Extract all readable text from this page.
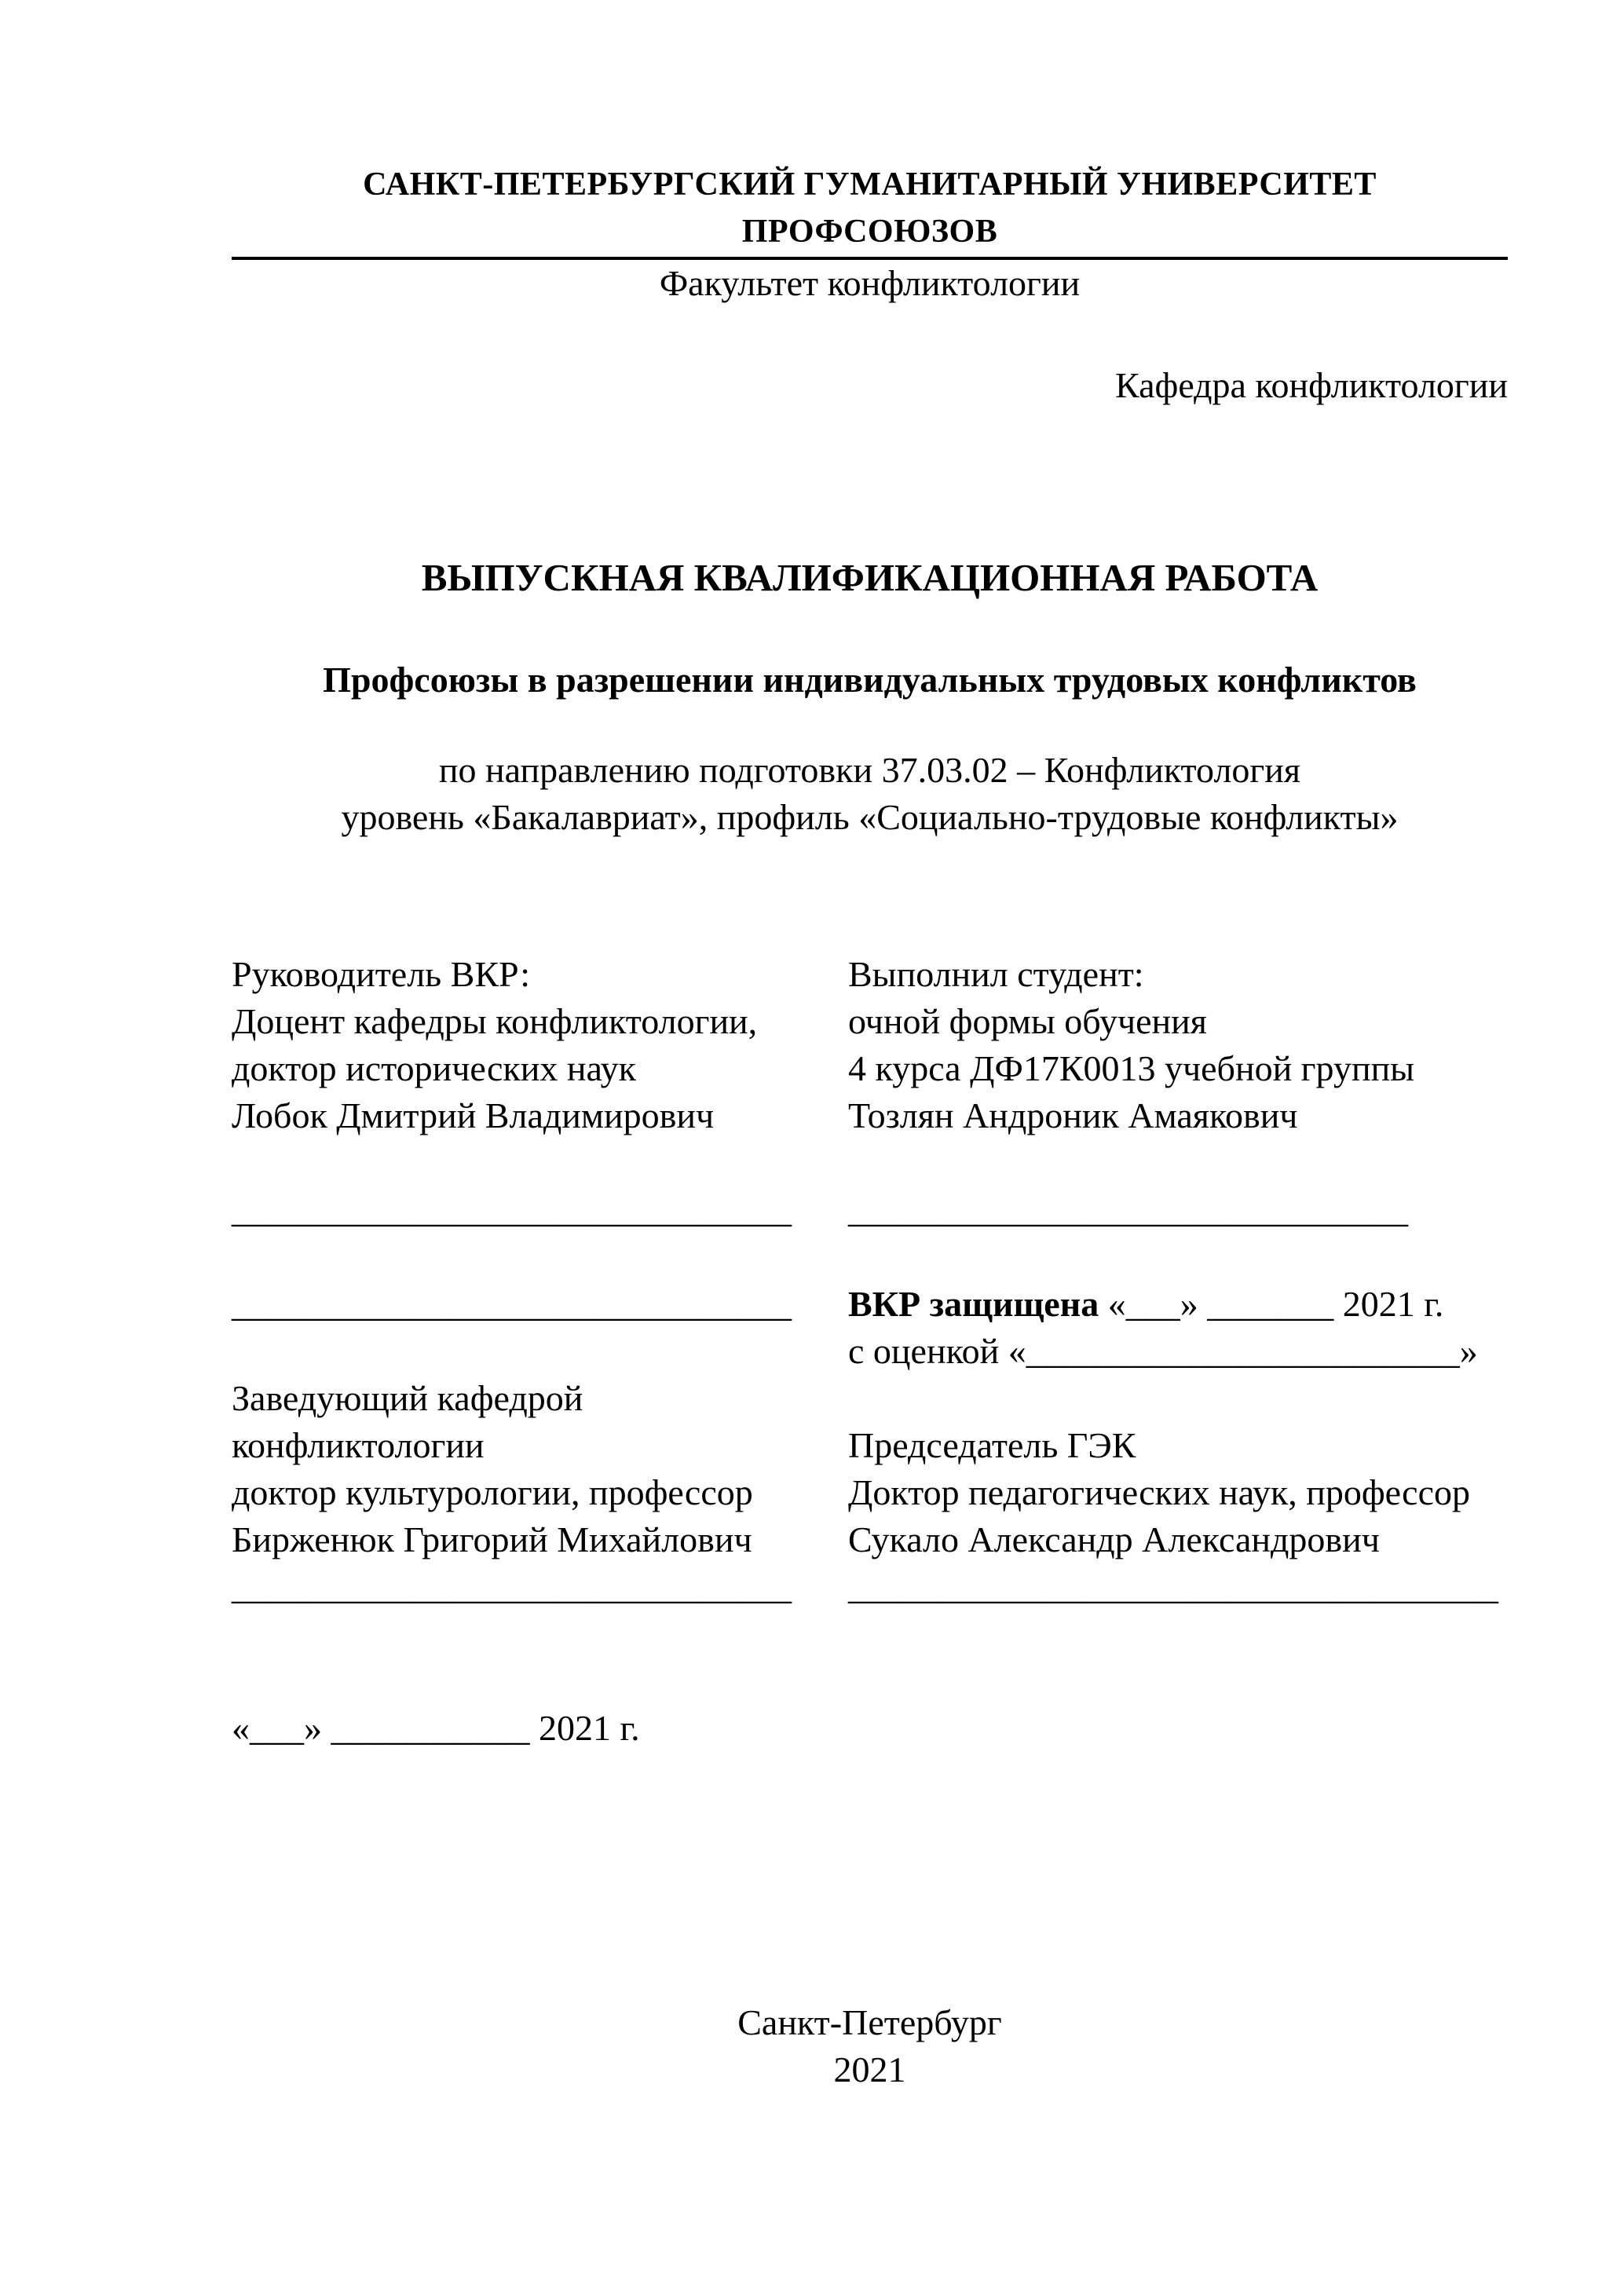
САНКТ-ПЕТЕРБУРГСКИЙ ГУМАНИТАРНЫЙ УНИВЕРСИТЕТ ПРОФСОЮЗОВ
Факультет конфликтологии
Кафедра конфликтологии
ВЫПУСКНАЯ КВАЛИФИКАЦИОННАЯ РАБОТА
Профсоюзы в разрешении индивидуальных трудовых конфликтов
по направлению подготовки 37.03.02 – Конфликтология
уровень «Бакалавриат», профиль «Социально-трудовые конфликты»
Руководитель ВКР:
Доцент кафедры конфликтологии,
доктор исторических наук
Лобок Дмитрий Владимирович
_______________________________
_______________________________
Заведующий кафедрой
конфликтологии
доктор культурологии, профессор
Бирженюк Григорий Михайлович
_______________________________
«___» ___________ 2021 г.
Выполнил студент:
очной формы обучения
4 курса ДФ17К0013 учебной группы
Тозлян Андроник Амаякович
_______________________________
ВКР защищена «___» _______ 2021 г.
с оценкой «________________________»
Председатель ГЭК
Доктор педагогических наук, профессор
Сукало Александр Александрович
____________________________________
Санкт-Петербург
2021
